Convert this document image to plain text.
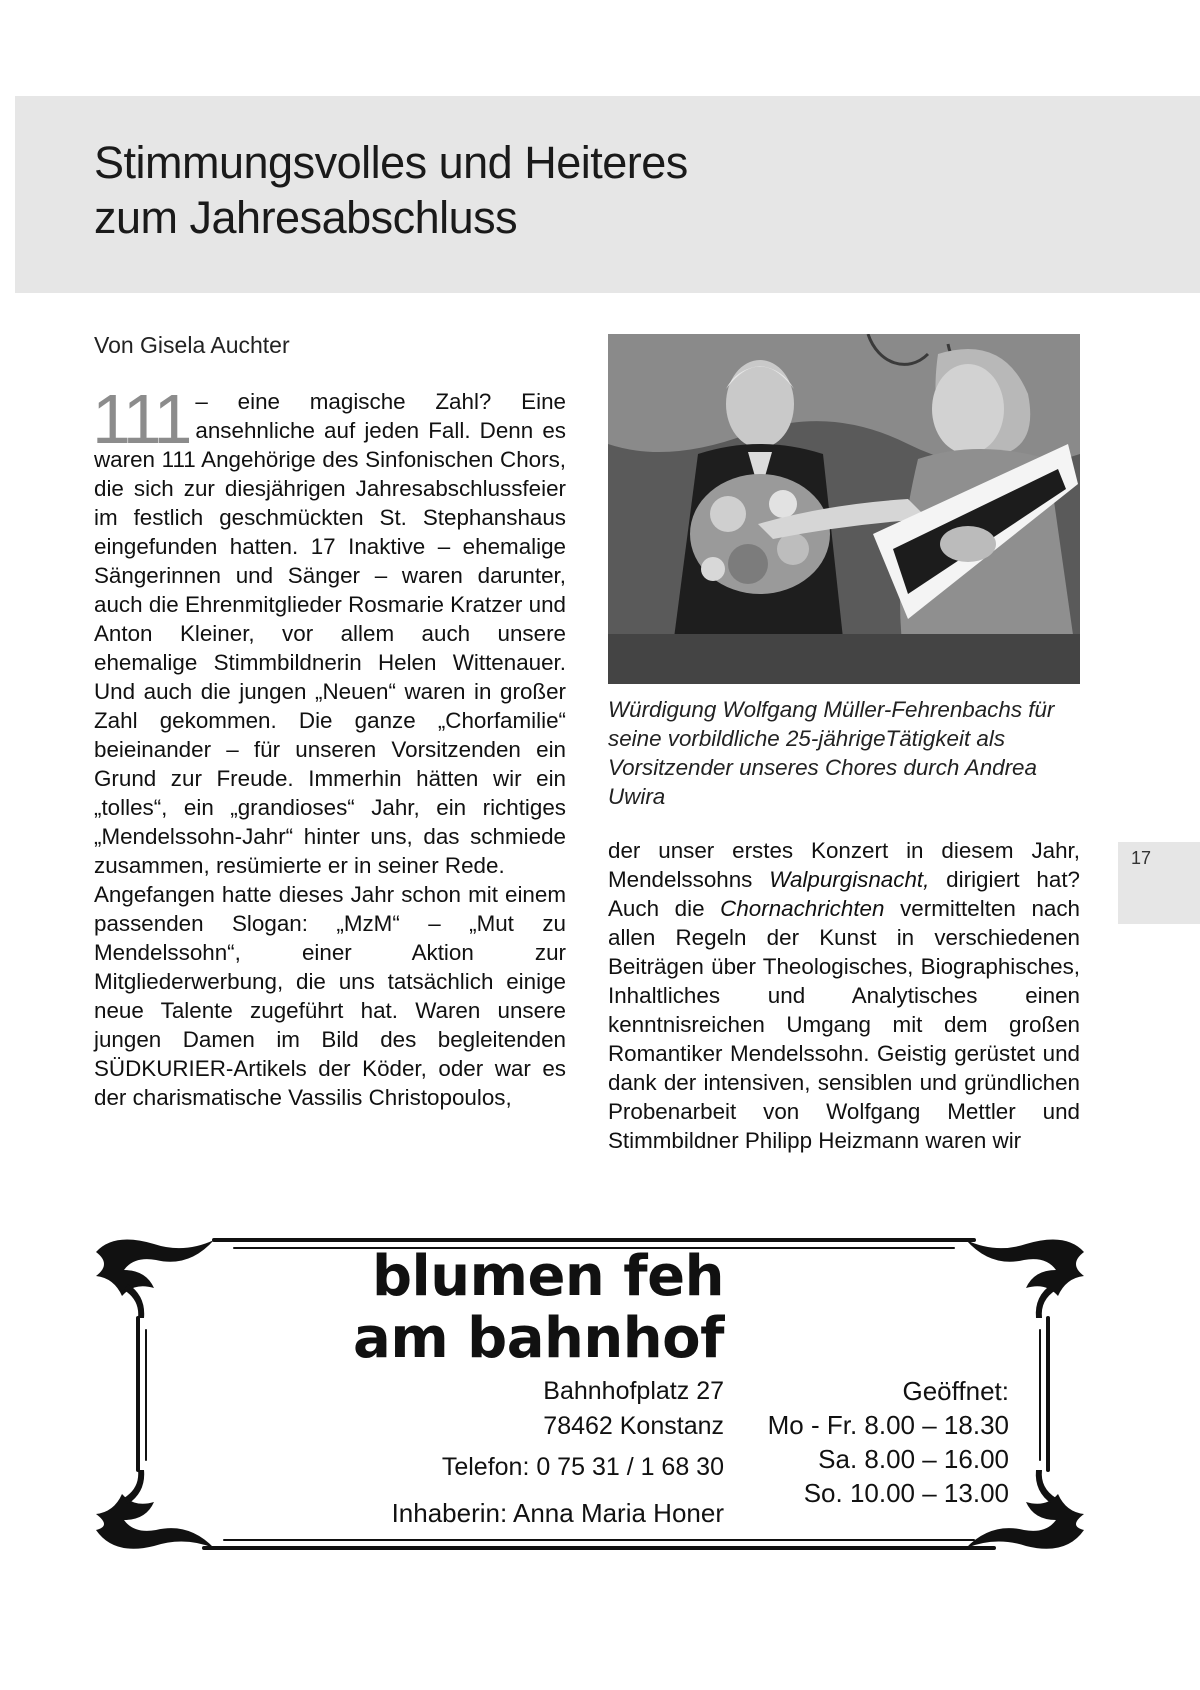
Stimmungsvolles und Heiteres
zum Jahresabschluss
Von Gisela Auchter

111 – eine magische Zahl? Eine ansehnliche auf jeden Fall. Denn es waren 111 Angehörige des Sinfonischen Chors, die sich zur diesjährigen Jahresabschlussfeier im festlich geschmückten St. Stephanshaus eingefunden hatten. 17 Inaktive – ehemalige Sängerinnen und Sänger – waren darunter, auch die Ehrenmitglieder Rosmarie Kratzer und Anton Kleiner, vor allem auch unsere ehemalige Stimmbildnerin Helen Wittenauer. Und auch die jungen „Neuen“ waren in großer Zahl gekommen. Die ganze „Chorfamilie“ beieinander – für unseren Vorsitzenden ein Grund zur Freude. Immerhin hätten wir ein „tolles“, ein „grandioses“ Jahr, ein richtiges „Mendelssohn-Jahr“ hinter uns, das schmiede zusammen, resümierte er in seiner Rede.

Angefangen hatte dieses Jahr schon mit einem passenden Slogan: „MzM“ – „Mut zu Mendelssohn“, einer Aktion zur Mitgliederwerbung, die uns tatsächlich einige neue Talente zugeführt hat. Waren unsere jungen Damen im Bild des begleitenden SÜDKURIER-Artikels der Köder, oder war es der charismatische Vassilis Christopoulos,

Würdigung Wolfgang Müller-Fehrenbachs für seine vorbildliche 25-jährigeTätigkeit als Vorsitzender unseres Chores durch Andrea Uwira

der unser erstes Konzert in diesem Jahr, Mendelssohns Walpurgisnacht, dirigiert hat? Auch die Chornachrichten vermittelten nach allen Regeln der Kunst in verschiedenen Beiträgen über Theologisches, Biographisches, Inhaltliches und Analytisches einen kenntnisreichen Umgang mit dem großen Romantiker Mendelssohn. Geistig gerüstet und dank der intensiven, sensiblen und gründlichen Probenarbeit von Wolfgang Mettler und Stimmbildner Philipp Heizmann waren wir

17
blumen feh
am bahnhof
Bahnhofplatz 27
78462 Konstanz
Telefon: 0 75 31 / 1 68 30
Inhaberin: Anna Maria Honer
Geöffnet:
Mo - Fr. 8.00 – 18.30
Sa. 8.00 – 16.00
So. 10.00 – 13.00
